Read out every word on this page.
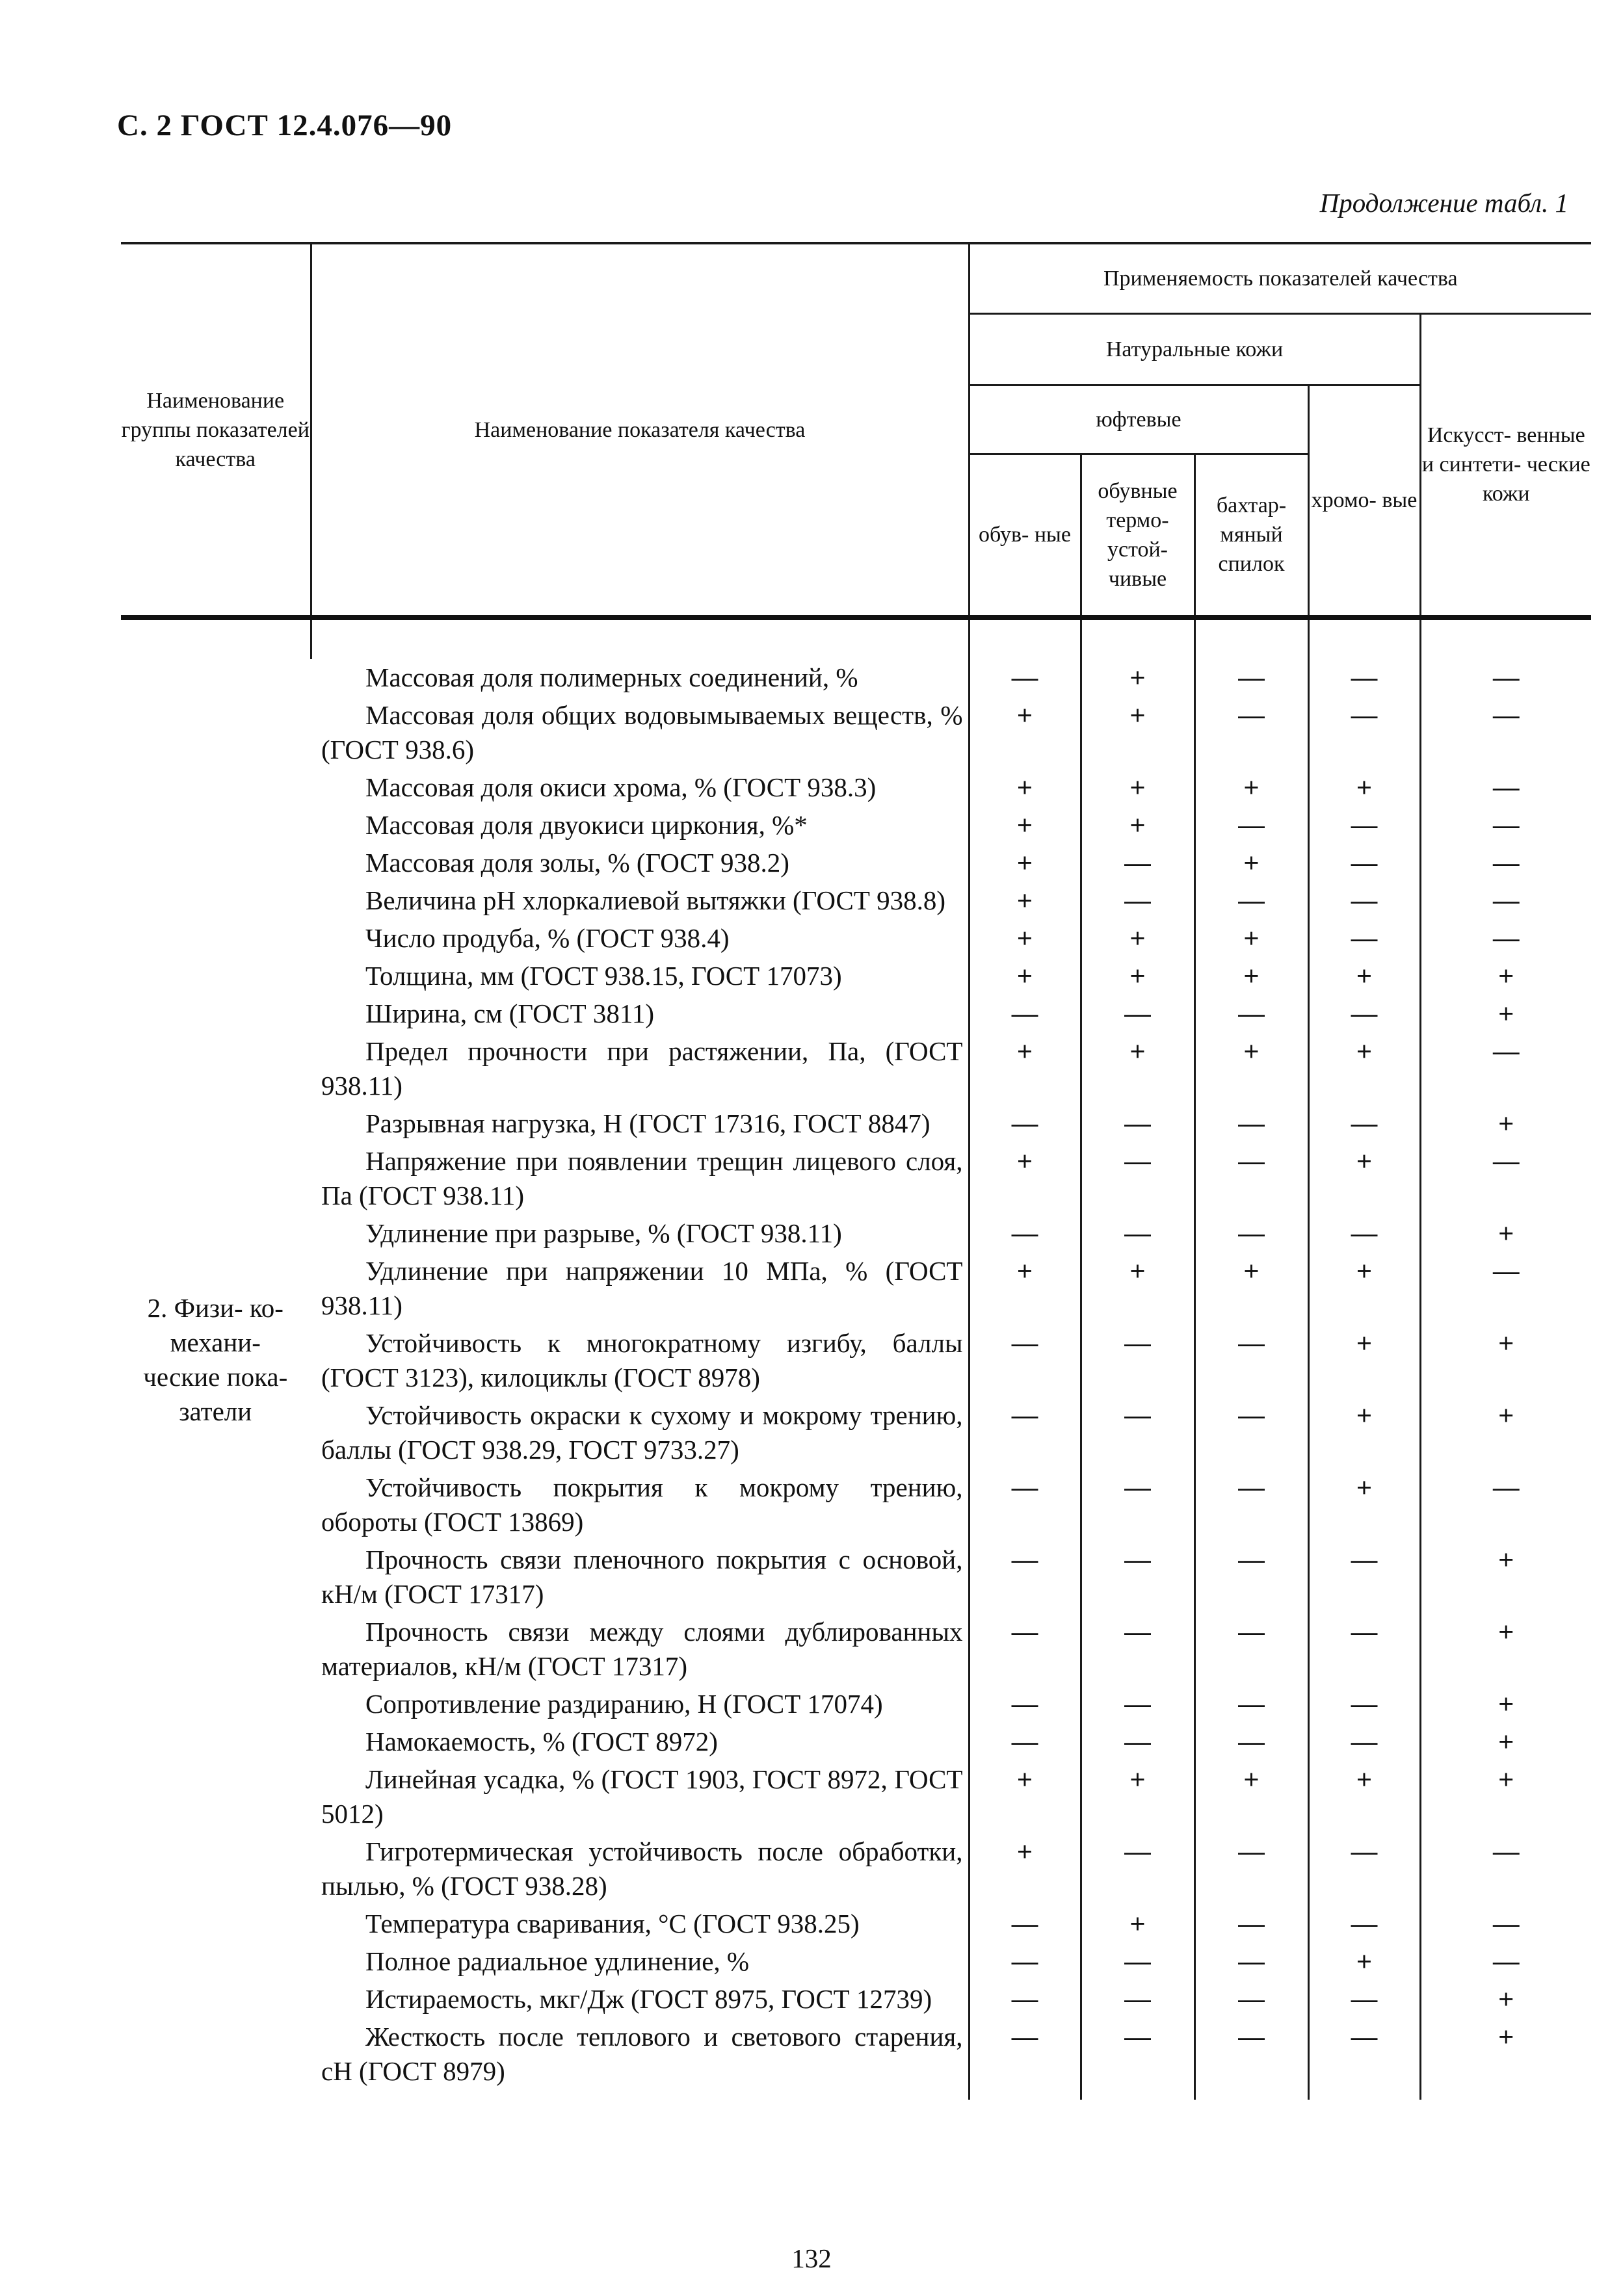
С. 2 ГОСТ 12.4.076—90
Продолжение табл. 1
Наименование группы показателей качества	Наименование показателя качества	Применяемость показателей качества				
		Натуральные кожи				Искусст- венные и синтети- ческие кожи
		юфтевые			хромо- вые	
		обув- ные	обувные термо- устой- чивые	бахтар- мяный спилок		
2. Физи- ко-механи- ческие пока- затели						

	Массовая доля полимерных соединений, %	—	+	—	—	—

	Массовая доля общих водовымываемых веществ, % (ГОСТ 938.6)	+	+	—	—	—

	Массовая доля окиси хрома, % (ГОСТ 938.3)	+	+	+	+	—

	Массовая доля двуокиси циркония, %*	+	+	—	—	—

	Массовая доля золы, % (ГОСТ 938.2)	+	—	+	—	—

	Величина рН хлоркалиевой вытяжки (ГОСТ 938.8)	+	—	—	—	—

	Число продуба, % (ГОСТ 938.4)	+	+	+	—	—

	Толщина, мм (ГОСТ 938.15, ГОСТ 17073)	+	+	+	+	+

	Ширина, см (ГОСТ 3811)	—	—	—	—	+

	Предел прочности при растяжении, Па, (ГОСТ 938.11)	+	+	+	+	—

	Разрывная нагрузка, Н (ГОСТ 17316, ГОСТ 8847)	—	—	—	—	+

	Напряжение при появлении трещин лицевого слоя, Па (ГОСТ 938.11)	+	—	—	+	—

	Удлинение при разрыве, % (ГОСТ 938.11)	—	—	—	—	+

	Удлинение при напряжении 10 МПа, % (ГОСТ 938.11)	+	+	+	+	—

	Устойчивость к многократному изгибу, баллы (ГОСТ 3123), килоциклы (ГОСТ 8978)	—	—	—	+	+

	Устойчивость окраски к сухому и мокрому трению, баллы (ГОСТ 938.29, ГОСТ 9733.27)	—	—	—	+	+

	Устойчивость покрытия к мокрому трению, обороты (ГОСТ 13869)	—	—	—	+	—

	Прочность связи пленочного покрытия с основой, кН/м (ГОСТ 17317)	—	—	—	—	+

	Прочность связи между слоями дублированных материалов, кН/м (ГОСТ 17317)	—	—	—	—	+

	Сопротивление раздиранию, Н (ГОСТ 17074)	—	—	—	—	+

	Намокаемость, % (ГОСТ 8972)	—	—	—	—	+

	Линейная усадка, % (ГОСТ 1903, ГОСТ 8972, ГОСТ 5012)	+	+	+	+	+

	Гигротермическая устойчивость после обработки, пылью, % (ГОСТ 938.28)	+	—	—	—	—

	Температура сваривания, °С (ГОСТ 938.25)	—	+	—	—	—

	Полное радиальное удлинение, %	—	—	—	+	—

	Истираемость, мкг/Дж (ГОСТ 8975, ГОСТ 12739)	—	—	—	—	+

	Жесткость после теплового и светового старения, сН (ГОСТ 8979)	—	—	—	—	+

132
